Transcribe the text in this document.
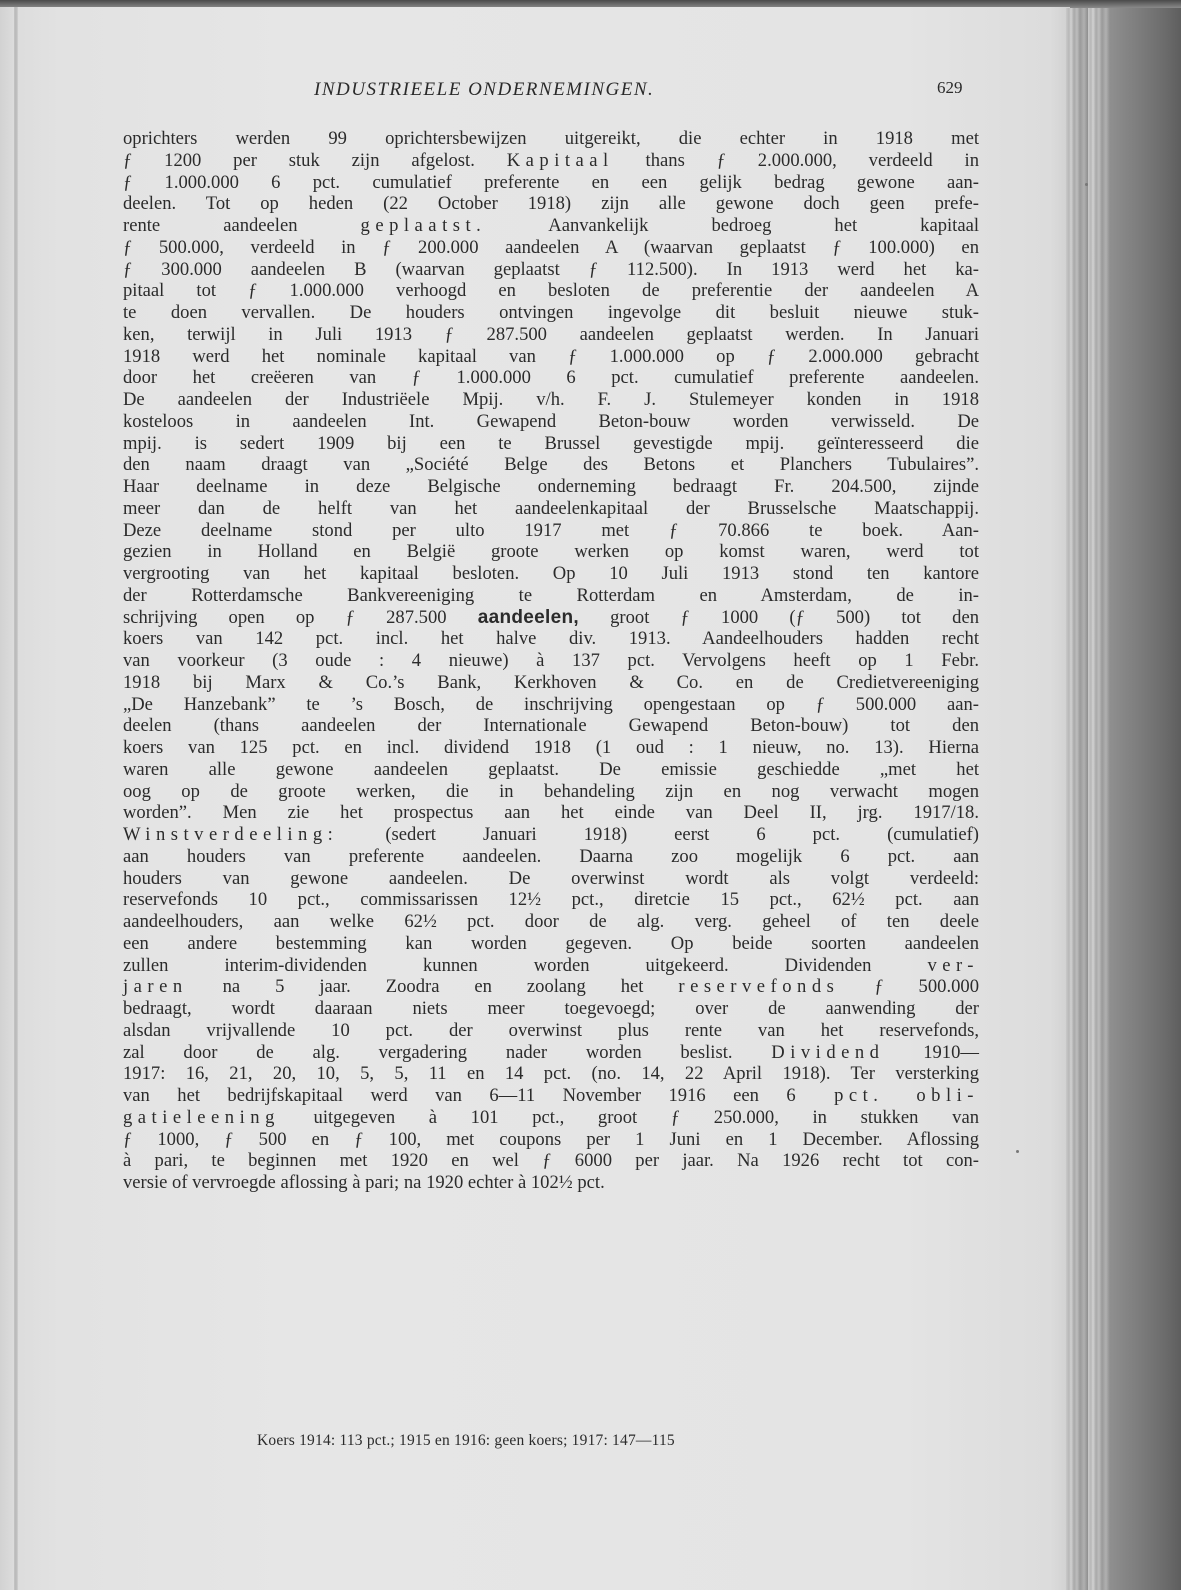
INDUSTRIEELE ONDERNEMINGEN.	629
oprichters werden 99 oprichtersbewijzen uitgereikt, die echter in 1918 met
ƒ 1200 per stuk zijn afgelost. Kapitaal thans ƒ 2.000.000, verdeeld in
ƒ 1.000.000 6 pct. cumulatief preferente en een gelijk bedrag gewone aan-
deelen. Tot op heden (22 October 1918) zijn alle gewone doch geen prefe-
rente aandeelen geplaatst. Aanvankelijk bedroeg het kapitaal
ƒ 500.000, verdeeld in ƒ 200.000 aandeelen A (waarvan geplaatst ƒ 100.000) en
ƒ 300.000 aandeelen B (waarvan geplaatst ƒ 112.500). In 1913 werd het ka-
pitaal tot ƒ 1.000.000 verhoogd en besloten de preferentie der aandeelen A
te doen vervallen. De houders ontvingen ingevolge dit besluit nieuwe stuk-
ken, terwijl in Juli 1913 ƒ 287.500 aandeelen geplaatst werden. In Januari
1918 werd het nominale kapitaal van ƒ 1.000.000 op ƒ 2.000.000 gebracht
door het creëeren van ƒ 1.000.000 6 pct. cumulatief preferente aandeelen.
De aandeelen der Industriëele Mpij. v/h. F. J. Stulemeyer konden in 1918
kosteloos in aandeelen Int. Gewapend Beton-bouw worden verwisseld. De
mpij. is sedert 1909 bij een te Brussel gevestigde mpij. geïnteresseerd die
den naam draagt van „Société Belge des Betons et Planchers Tubulaires”.
Haar deelname in deze Belgische onderneming bedraagt Fr. 204.500, zijnde
meer dan de helft van het aandeelenkapitaal der Brusselsche Maatschappij.
Deze deelname stond per ulto 1917 met ƒ 70.866 te boek. Aan-
gezien in Holland en België groote werken op komst waren, werd tot
vergrooting van het kapitaal besloten. Op 10 Juli 1913 stond ten kantore
der Rotterdamsche Bankvereeniging te Rotterdam en Amsterdam, de in-
schrijving open op ƒ 287.500 aandeelen, groot ƒ 1000 (ƒ 500) tot den
koers van 142 pct. incl. het halve div. 1913. Aandeelhouders hadden recht
van voorkeur (3 oude : 4 nieuwe) à 137 pct. Vervolgens heeft op 1 Febr.
1918 bij Marx & Co.’s Bank, Kerkhoven & Co. en de Credietvereeniging
„De Hanzebank” te ’s Bosch, de inschrijving opengestaan op ƒ 500.000 aan-
deelen (thans aandeelen der Internationale Gewapend Beton-bouw) tot den
koers van 125 pct. en incl. dividend 1918 (1 oud : 1 nieuw, no. 13). Hierna
waren alle gewone aandeelen geplaatst. De emissie geschiedde „met het
oog op de groote werken, die in behandeling zijn en nog verwacht mogen
worden”. Men zie het prospectus aan het einde van Deel II, jrg. 1917/18.
Winstverdeeling: (sedert Januari 1918) eerst 6 pct. (cumulatief)
aan houders van preferente aandeelen. Daarna zoo mogelijk 6 pct. aan
houders van gewone aandeelen. De overwinst wordt als volgt verdeeld:
reservefonds 10 pct., commissarissen 12½ pct., diretcie 15 pct., 62½ pct. aan
aandeelhouders, aan welke 62½ pct. door de alg. verg. geheel of ten deele
een andere bestemming kan worden gegeven. Op beide soorten aandeelen
zullen interim-dividenden kunnen worden uitgekeerd. Dividenden ver-
jaren na 5 jaar. Zoodra en zoolang het reservefonds ƒ 500.000
bedraagt, wordt daaraan niets meer toegevoegd; over de aanwending der
alsdan vrijvallende 10 pct. der overwinst plus rente van het reservefonds,
zal door de alg. vergadering nader worden beslist. Dividend 1910—
1917: 16, 21, 20, 10, 5, 5, 11 en 14 pct. (no. 14, 22 April 1918). Ter versterking
van het bedrijfskapitaal werd van 6—11 November 1916 een 6 pct. obli-
gatieleening uitgegeven à 101 pct., groot ƒ 250.000, in stukken van
ƒ 1000, ƒ 500 en ƒ 100, met coupons per 1 Juni en 1 December. Aflossing
à pari, te beginnen met 1920 en wel ƒ 6000 per jaar. Na 1926 recht tot con-
versie of vervroegde aflossing à pari; na 1920 echter à 102½ pct.
Koers 1914: 113 pct.; 1915 en 1916: geen koers; 1917: 147—115
